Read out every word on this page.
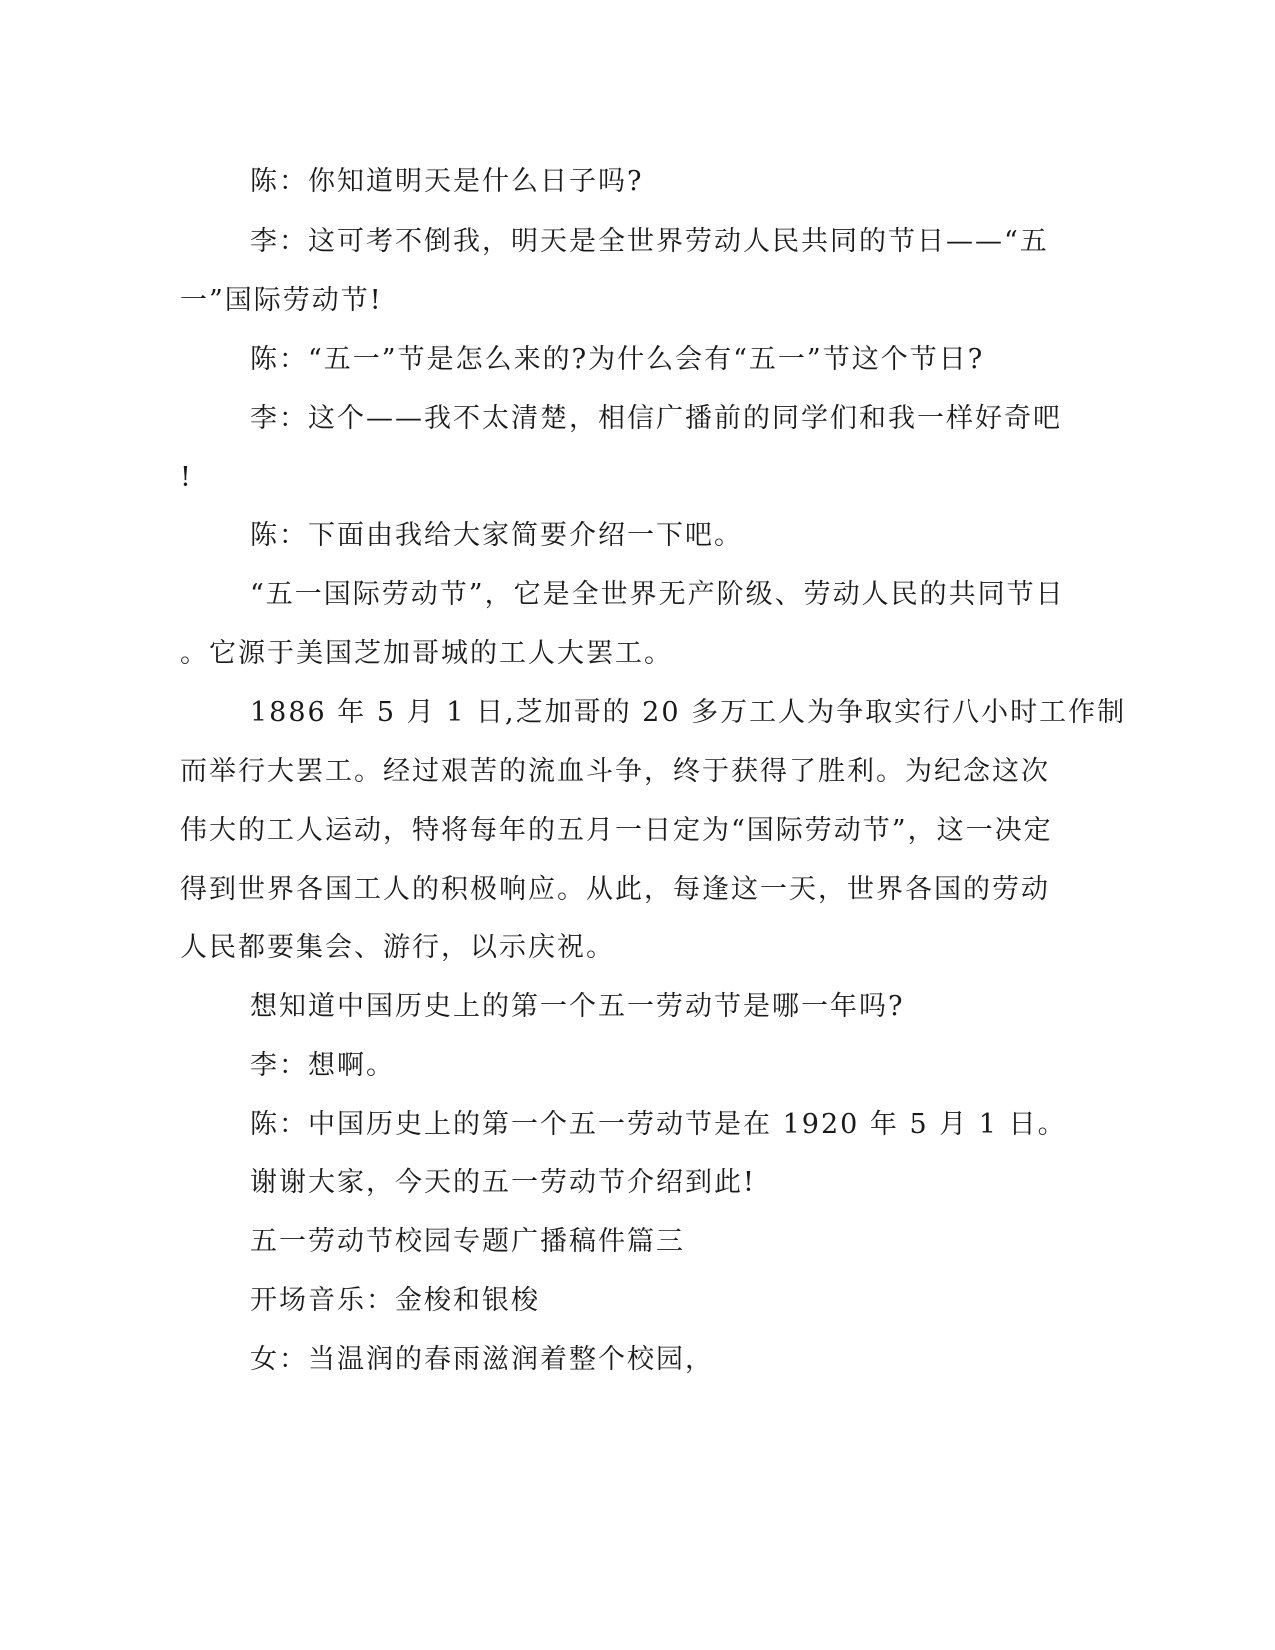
陈：你知道明天是什么日子吗?
李：这可考不倒我，明天是全世界劳动人民共同的节日——“五
一”国际劳动节!
陈：“五一”节是怎么来的?为什么会有“五一”节这个节日?
李：这个——我不太清楚，相信广播前的同学们和我一样好奇吧
!
陈：下面由我给大家简要介绍一下吧。
“五一国际劳动节”，它是全世界无产阶级、劳动人民的共同节日
。它源于美国芝加哥城的工人大罢工。
1886 年 5 月 1 日,芝加哥的 20 多万工人为争取实行八小时工作制
而举行大罢工。经过艰苦的流血斗争，终于获得了胜利。为纪念这次
伟大的工人运动，特将每年的五月一日定为“国际劳动节”，这一决定
得到世界各国工人的积极响应。从此，每逢这一天，世界各国的劳动
人民都要集会、游行，以示庆祝。
想知道中国历史上的第一个五一劳动节是哪一年吗?
李：想啊。
陈：中国历史上的第一个五一劳动节是在 1920 年 5 月 1 日。
谢谢大家，今天的五一劳动节介绍到此!
五一劳动节校园专题广播稿件篇三
开场音乐：金梭和银梭
女：当温润的春雨滋润着整个校园，
